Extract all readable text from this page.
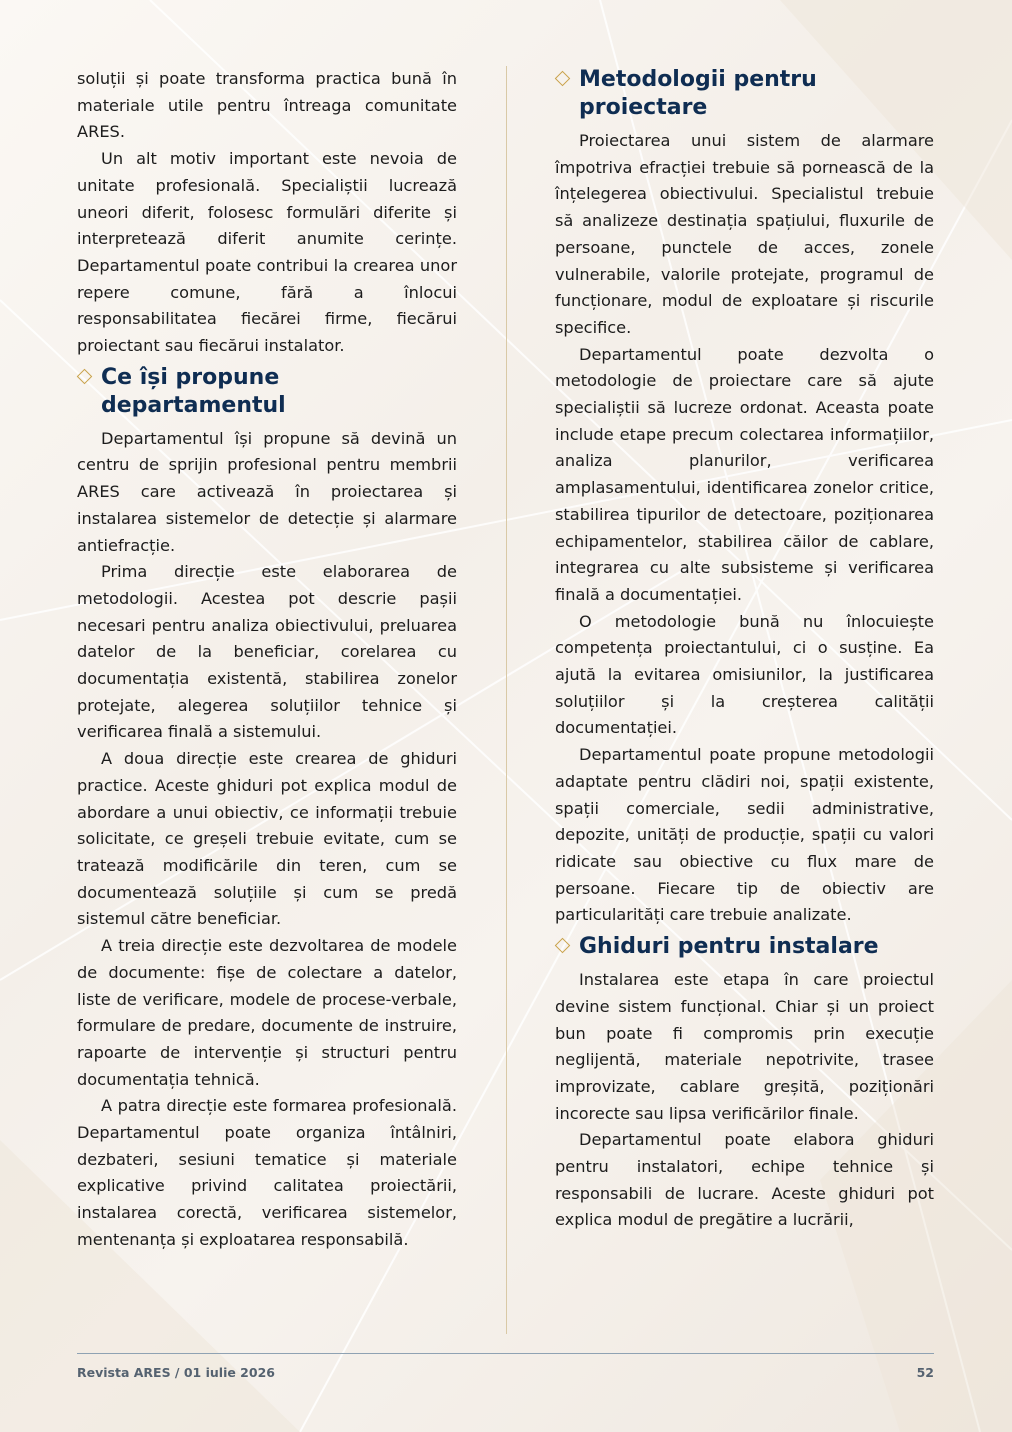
soluții și poate transforma practica bună în materiale utile pentru întreaga comunitate ARES.

Un alt motiv important este nevoia de unitate profesională. Specialiștii lucrează uneori diferit, folosesc formulări diferite și interpretează diferit anumite cerințe. Departamentul poate contribui la crearea unor repere comune, fără a înlocui responsabilitatea fiecărei firme, fiecărui proiectant sau fiecărui instalator.

Ce își propune departamentul

Departamentul își propune să devină un centru de sprijin profesional pentru membrii ARES care activează în proiectarea și instalarea sistemelor de detecție și alarmare antiefracție.

Prima direcție este elaborarea de metodologii. Acestea pot descrie pașii necesari pentru analiza obiectivului, preluarea datelor de la beneficiar, corelarea cu documentația existentă, stabilirea zonelor protejate, alegerea soluțiilor tehnice și verificarea finală a sistemului.

A doua direcție este crearea de ghiduri practice. Aceste ghiduri pot explica modul de abordare a unui obiectiv, ce informații trebuie solicitate, ce greșeli trebuie evitate, cum se tratează modificările din teren, cum se documentează soluțiile și cum se predă sistemul către beneficiar.

A treia direcție este dezvoltarea de modele de documente: fișe de colectare a datelor, liste de verificare, modele de procese-verbale, formulare de predare, documente de instruire, rapoarte de intervenție și structuri pentru documentația tehnică.

A patra direcție este formarea profesională. Departamentul poate organiza întâlniri, dezbateri, sesiuni tematice și materiale explicative privind calitatea proiectării, instalarea corectă, verificarea sistemelor, mentenanța și exploatarea responsabilă.

Metodologii pentru proiectare

Proiectarea unui sistem de alarmare împotriva efracției trebuie să pornească de la înțelegerea obiectivului. Specialistul trebuie să analizeze destinația spațiului, fluxurile de persoane, punctele de acces, zonele vulnerabile, valorile protejate, programul de funcționare, modul de exploatare și riscurile specifice.

Departamentul poate dezvolta o metodologie de proiectare care să ajute specialiștii să lucreze ordonat. Aceasta poate include etape precum colectarea informațiilor, analiza planurilor, verificarea amplasamentului, identificarea zonelor critice, stabilirea tipurilor de detectoare, poziționarea echipamentelor, stabilirea căilor de cablare, integrarea cu alte subsisteme și verificarea finală a documentației.

O metodologie bună nu înlocuiește competența proiectantului, ci o susține. Ea ajută la evitarea omisiunilor, la justificarea soluțiilor și la creșterea calității documentației.

Departamentul poate propune metodologii adaptate pentru clădiri noi, spații existente, spații comerciale, sedii administrative, depozite, unități de producție, spații cu valori ridicate sau obiective cu flux mare de persoane. Fiecare tip de obiectiv are particularități care trebuie analizate.

Ghiduri pentru instalare

Instalarea este etapa în care proiectul devine sistem funcțional. Chiar și un proiect bun poate fi compromis prin execuție neglijentă, materiale nepotrivite, trasee improvizate, cablare greșită, poziționări incorecte sau lipsa verificărilor finale.

Departamentul poate elabora ghiduri pentru instalatori, echipe tehnice și responsabili de lucrare. Aceste ghiduri pot explica modul de pregătire a lucrării,

Revista ARES / 01 iulie 2026	52
